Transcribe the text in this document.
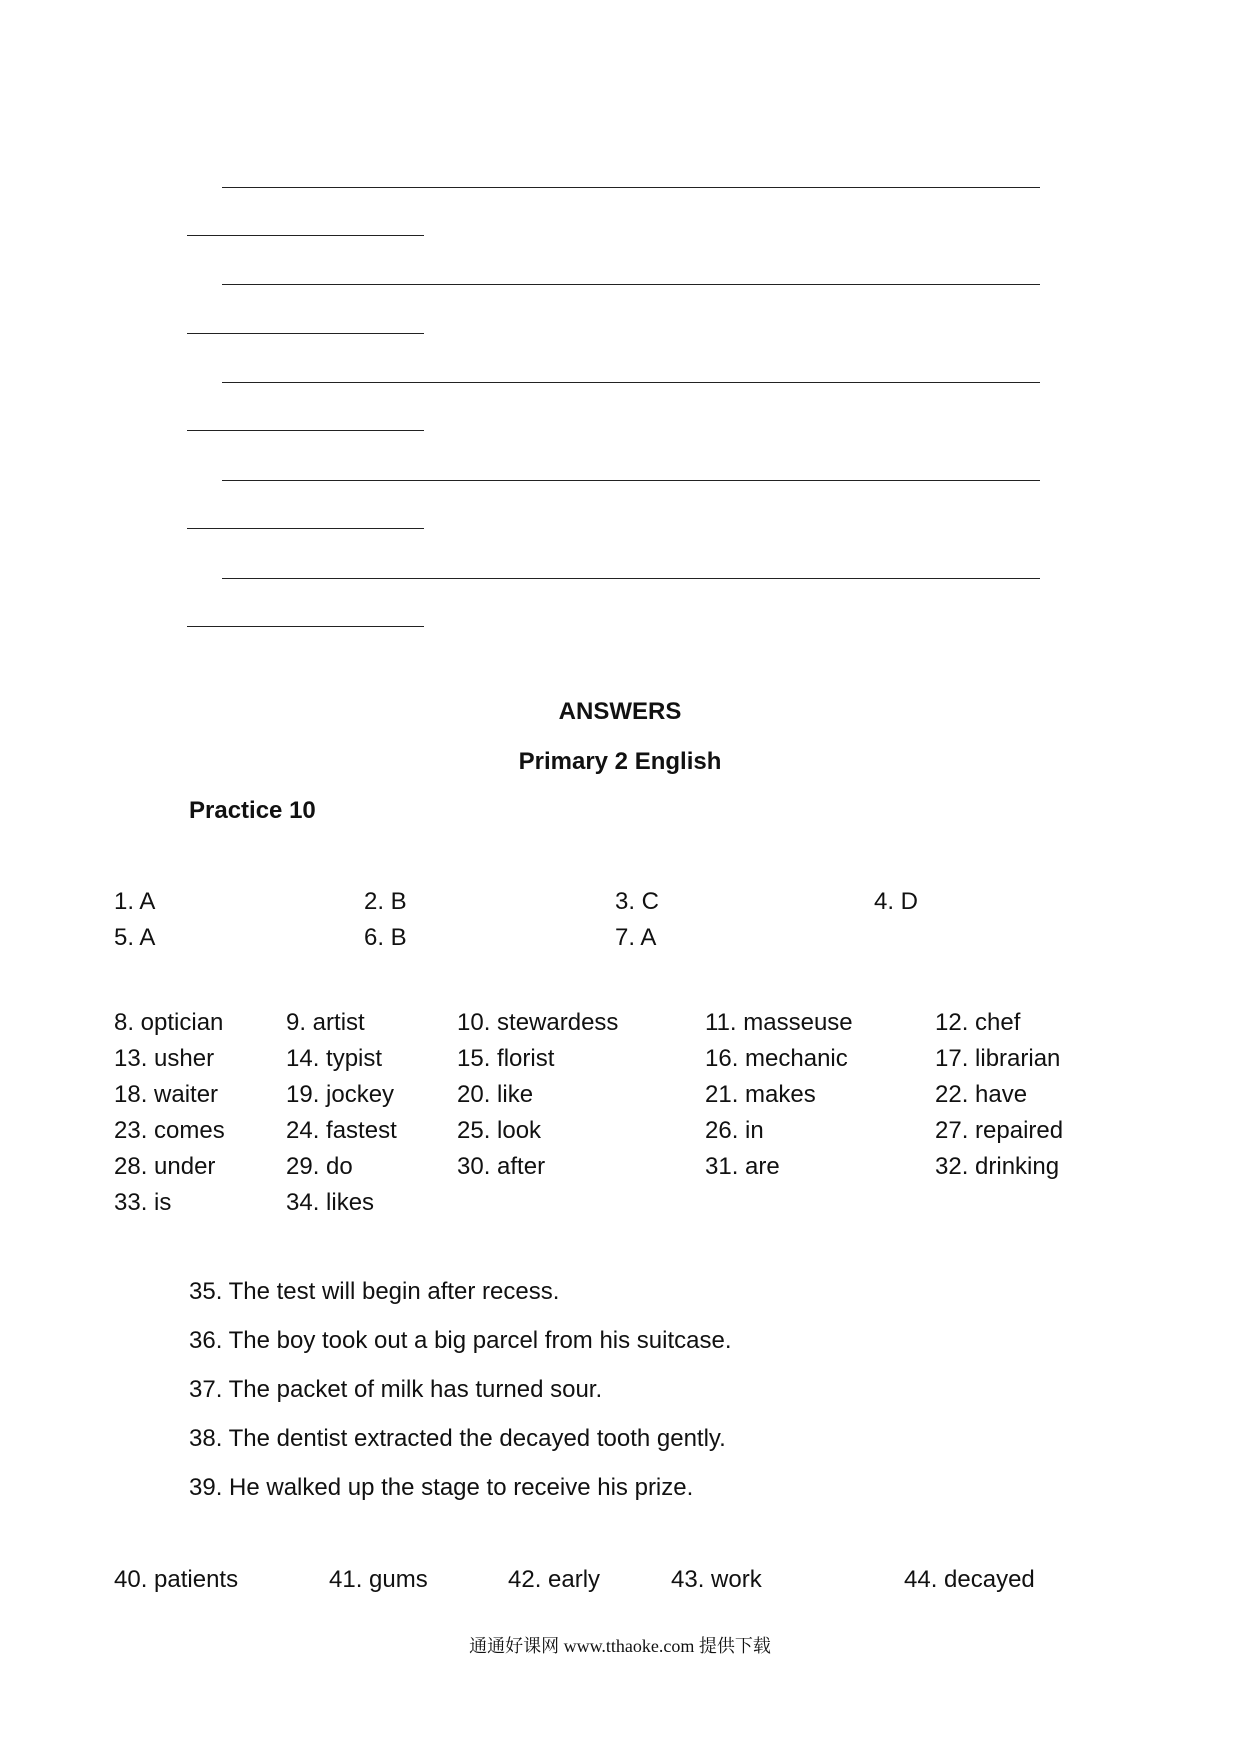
ANSWERS
Primary 2 English
Practice 10
1. A	2. B	3. C	4. D
5. A	6. B	7. A
8. optician	9. artist	10. stewardess	11. masseuse	12. chef
13. usher	14. typist	15. florist	16. mechanic	17. librarian
18. waiter	19. jockey	20. like	21. makes	22. have
23. comes	24. fastest	25. look	26. in	27. repaired
28. under	29. do	30. after	31. are	32. drinking
33. is	34. likes
35. The test will begin after recess.
36. The boy took out a big parcel from his suitcase.
37. The packet of milk has turned sour.
38. The dentist extracted the decayed tooth gently.
39. He walked up the stage to receive his prize.
40. patients	41. gums	42. early	43. work	44. decayed
通通好课网 www.tthaoke.com 提供下载
